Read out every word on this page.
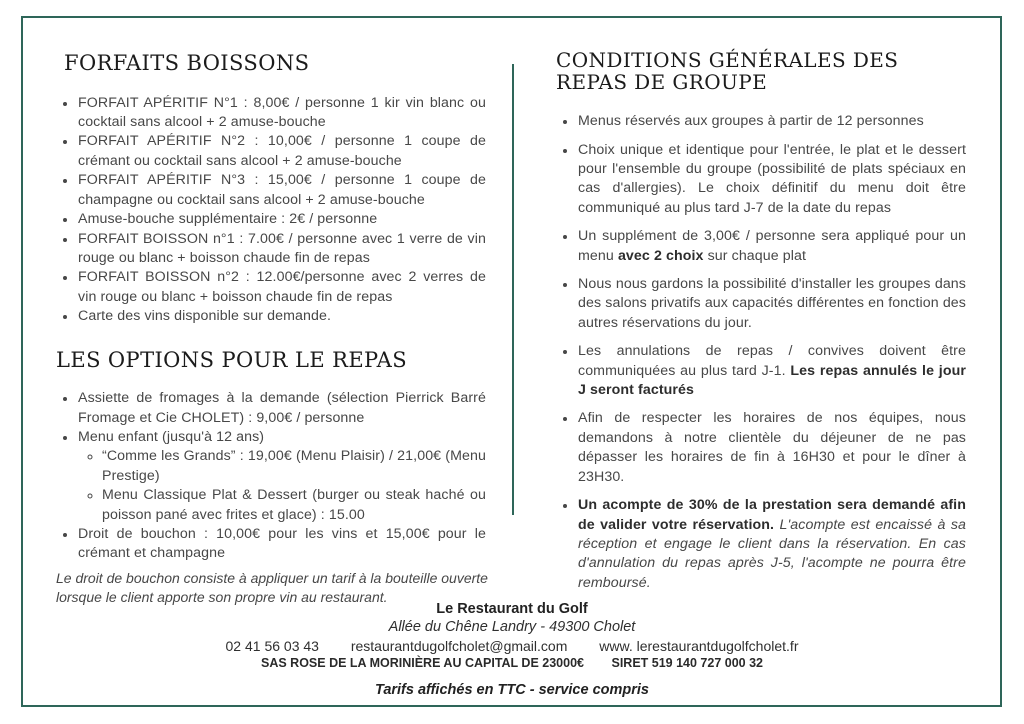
FORFAITS BOISSONS
• FORFAIT APÉRITIF N°1 : 8,00€ / personne 1 kir vin blanc ou cocktail sans alcool + 2 amuse-bouche
• FORFAIT APÉRITIF N°2 : 10,00€ / personne 1 coupe de crémant ou cocktail sans alcool + 2 amuse-bouche
• FORFAIT APÉRITIF N°3 : 15,00€ / personne 1 coupe de champagne ou cocktail sans alcool + 2 amuse-bouche
• Amuse-bouche supplémentaire : 2€ / personne
• FORFAIT BOISSON n°1 : 7.00€ / personne avec 1 verre de vin rouge ou blanc + boisson chaude fin de repas
• FORFAIT BOISSON n°2 : 12.00€/personne avec 2 verres de vin rouge ou blanc + boisson chaude fin de repas
• Carte des vins disponible sur demande.
LES OPTIONS POUR LE REPAS
• Assiette de fromages à la demande (sélection Pierrick Barré Fromage et Cie CHOLET) : 9,00€ / personne
• Menu enfant (jusqu'à 12 ans)
◦ “Comme les Grands” : 19,00€ (Menu Plaisir) / 21,00€ (Menu Prestige)
◦ Menu Classique Plat & Dessert (burger ou steak haché ou poisson pané avec frites et glace) : 15.00
• Droit de bouchon : 10,00€ pour les vins et 15,00€ pour le crémant et champagne

Le droit de bouchon consiste à appliquer un tarif à la bouteille ouverte lorsque le client apporte son propre vin au restaurant.

CONDITIONS GÉNÉRALES DES REPAS DE GROUPE
• Menus réservés aux groupes à partir de 12 personnes
• Choix unique et identique pour l'entrée, le plat et le dessert pour l'ensemble du groupe (possibilité de plats spéciaux en cas d'allergies). Le choix définitif du menu doit être communiqué au plus tard J-7 de la date du repas
• Un supplément de 3,00€ / personne sera appliqué pour un menu avec 2 choix sur chaque plat
• Nous nous gardons la possibilité d'installer les groupes dans des salons privatifs aux capacités différentes en fonction des autres réservations du jour.
• Les annulations de repas / convives doivent être communiquées au plus tard J-1. Les repas annulés le jour J seront facturés
• Afin de respecter les horaires de nos équipes, nous demandons à notre clientèle du déjeuner de ne pas dépasser les horaires de fin à 16H30 et pour le dîner à 23H30.
• Un acompte de 30% de la prestation sera demandé afin de valider votre réservation. L'acompte est encaissé à sa réception et engage le client dans la réservation. En cas d'annulation du repas après J-5, l'acompte ne pourra être remboursé.
Le Restaurant du Golf
Allée du Chêne Landry - 49300 Cholet
02 41 56 03 43 restaurantdugolfcholet@gmail.com www. lerestaurantdugolfcholet.fr
SAS ROSE DE LA MORINIÈRE AU CAPITAL DE 23000€ SIRET 519 140 727 000 32
Tarifs affichés en TTC - service compris
